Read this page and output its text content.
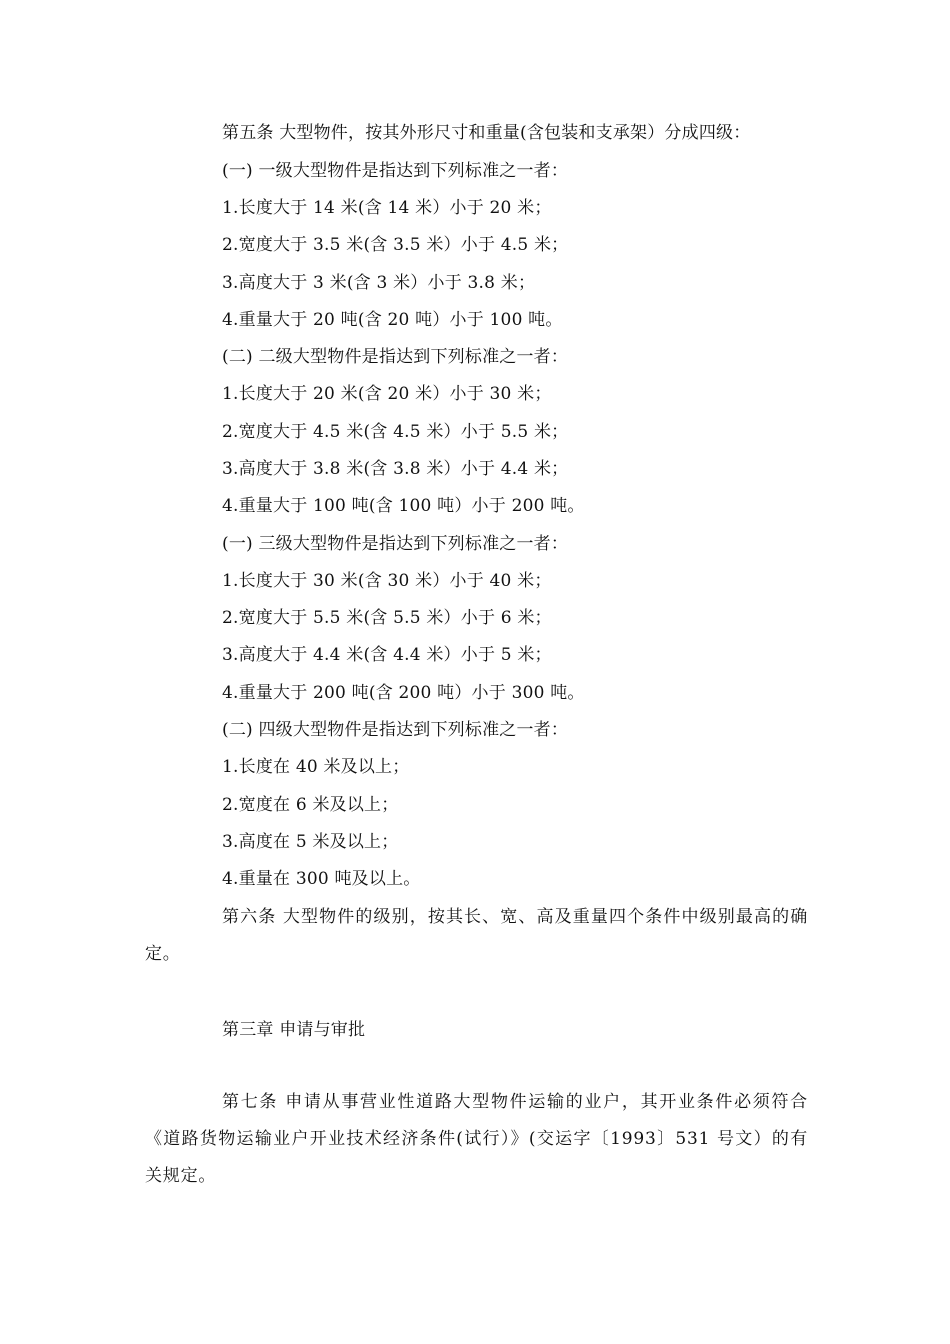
第五条 大型物件，按其外形尺寸和重量(含包装和支承架）分成四级：
(一) 一级大型物件是指达到下列标准之一者：
1.长度大于 14 米(含 14 米）小于 20 米；
2.宽度大于 3.5 米(含 3.5 米）小于 4.5 米；
3.高度大于 3 米(含 3 米）小于 3.8 米；
4.重量大于 20 吨(含 20 吨）小于 100 吨。
(二) 二级大型物件是指达到下列标准之一者：
1.长度大于 20 米(含 20 米）小于 30 米；
2.宽度大于 4.5 米(含 4.5 米）小于 5.5 米；
3.高度大于 3.8 米(含 3.8 米）小于 4.4 米；
4.重量大于 100 吨(含 100 吨）小于 200 吨。
(一) 三级大型物件是指达到下列标准之一者：
1.长度大于 30 米(含 30 米）小于 40 米；
2.宽度大于 5.5 米(含 5.5 米）小于 6 米；
3.高度大于 4.4 米(含 4.4 米）小于 5 米；
4.重量大于 200 吨(含 200 吨）小于 300 吨。
(二) 四级大型物件是指达到下列标准之一者：
1.长度在 40 米及以上；
2.宽度在 6 米及以上；
3.高度在 5 米及以上；
4.重量在 300 吨及以上。
第六条 大型物件的级别，按其长、宽、高及重量四个条件中级别最高的确定。
第三章 申请与审批
第七条 申请从事营业性道路大型物件运输的业户，其开业条件必须符合《道路货物运输业户开业技术经济条件(试行）》(交运字〔1993〕531 号文）的有关规定。
